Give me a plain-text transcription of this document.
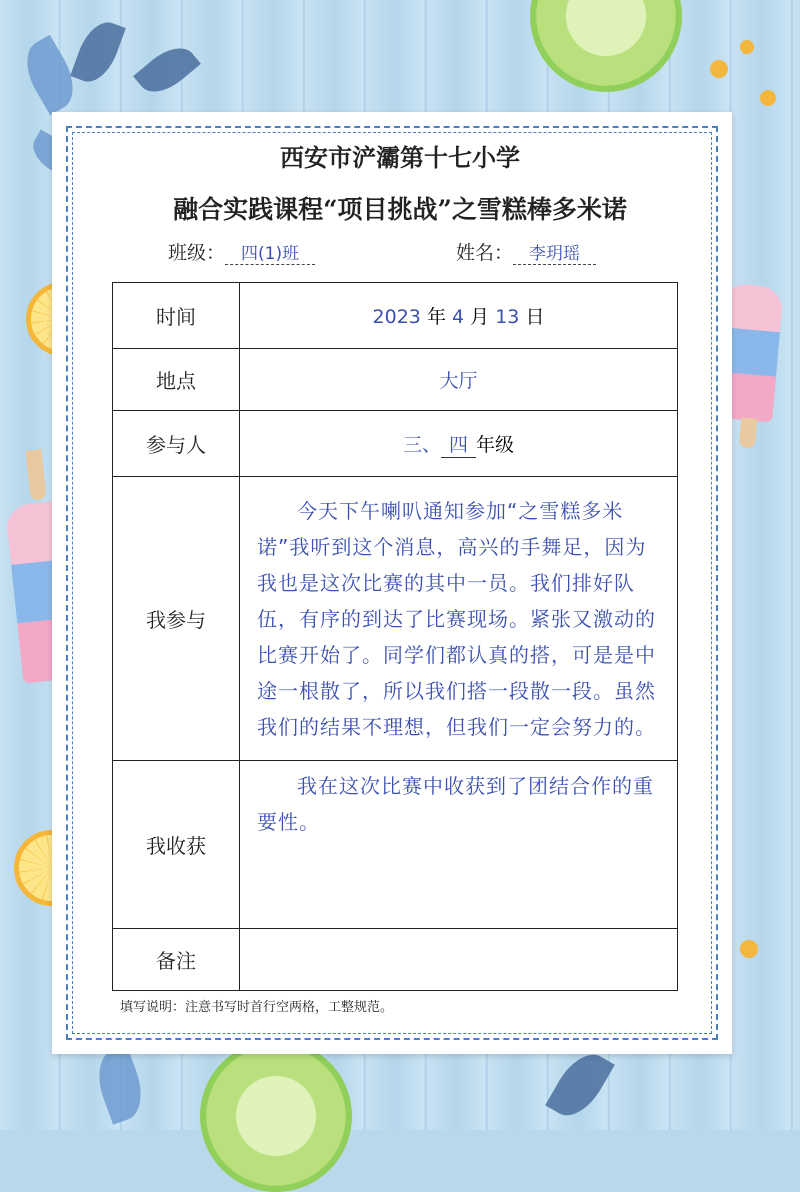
西安市浐灞第十七小学
融合实践课程“项目挑战”之雪糕棒多米诺
班级： 四(1)班	姓名： 李玥瑶
时间	2023 年 4 月 13 日
地点	大厅
参与人	三、 四 年级
我参与	今天下午喇叭通知参加“之雪糕多米诺”我听到这个消息，高兴的手舞足，因为我也是这次比赛的其中一员。我们排好队伍，有序的到达了比赛现场。紧张又激动的比赛开始了。同学们都认真的搭，可是是中途一根散了，所以我们搭一段散一段。虽然我们的结果不理想，但我们一定会努力的。

我收获	我在这次比赛中收获到了团结合作的重要性。

备注	
填写说明：注意书写时首行空两格，工整规范。
